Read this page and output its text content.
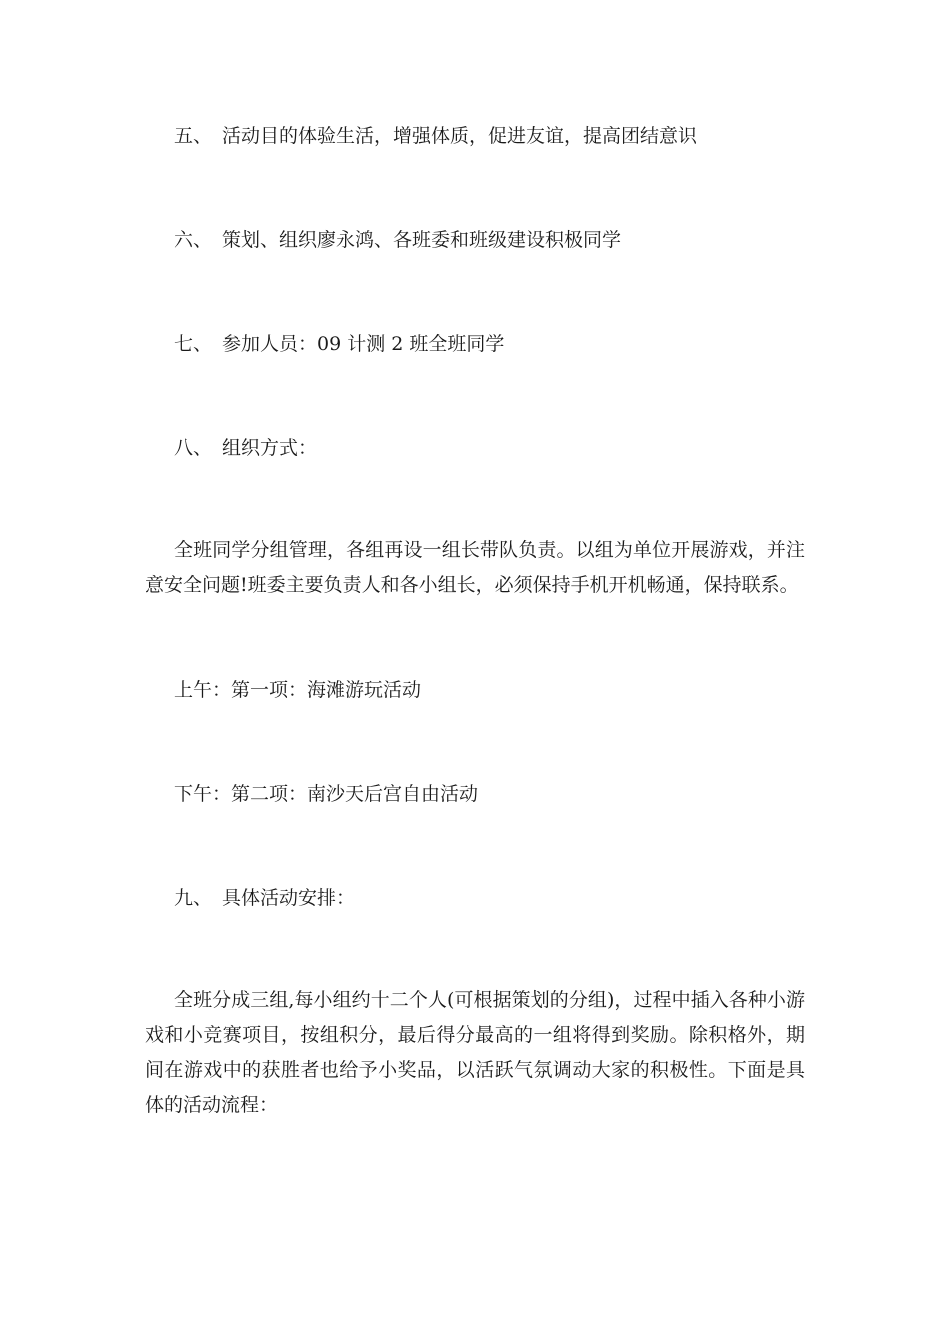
五、 活动目的体验生活，增强体质，促进友谊，提高团结意识
六、 策划、组织廖永鸿、各班委和班级建设积极同学
七、 参加人员：09 计测 2 班全班同学
八、 组织方式：

全班同学分组管理，各组再设一组长带队负责。以组为单位开展游戏，并注意安全问题!班委主要负责人和各小组长，必须保持手机开机畅通，保持联系。

上午：第一项：海滩游玩活动
下午：第二项：南沙天后宫自由活动
九、 具体活动安排：

全班分成三组,每小组约十二个人(可根据策划的分组)，过程中插入各种小游戏和小竞赛项目，按组积分，最后得分最高的一组将得到奖励。除积格外，期间在游戏中的获胜者也给予小奖品，以活跃气氛调动大家的积极性。下面是具体的活动流程：
